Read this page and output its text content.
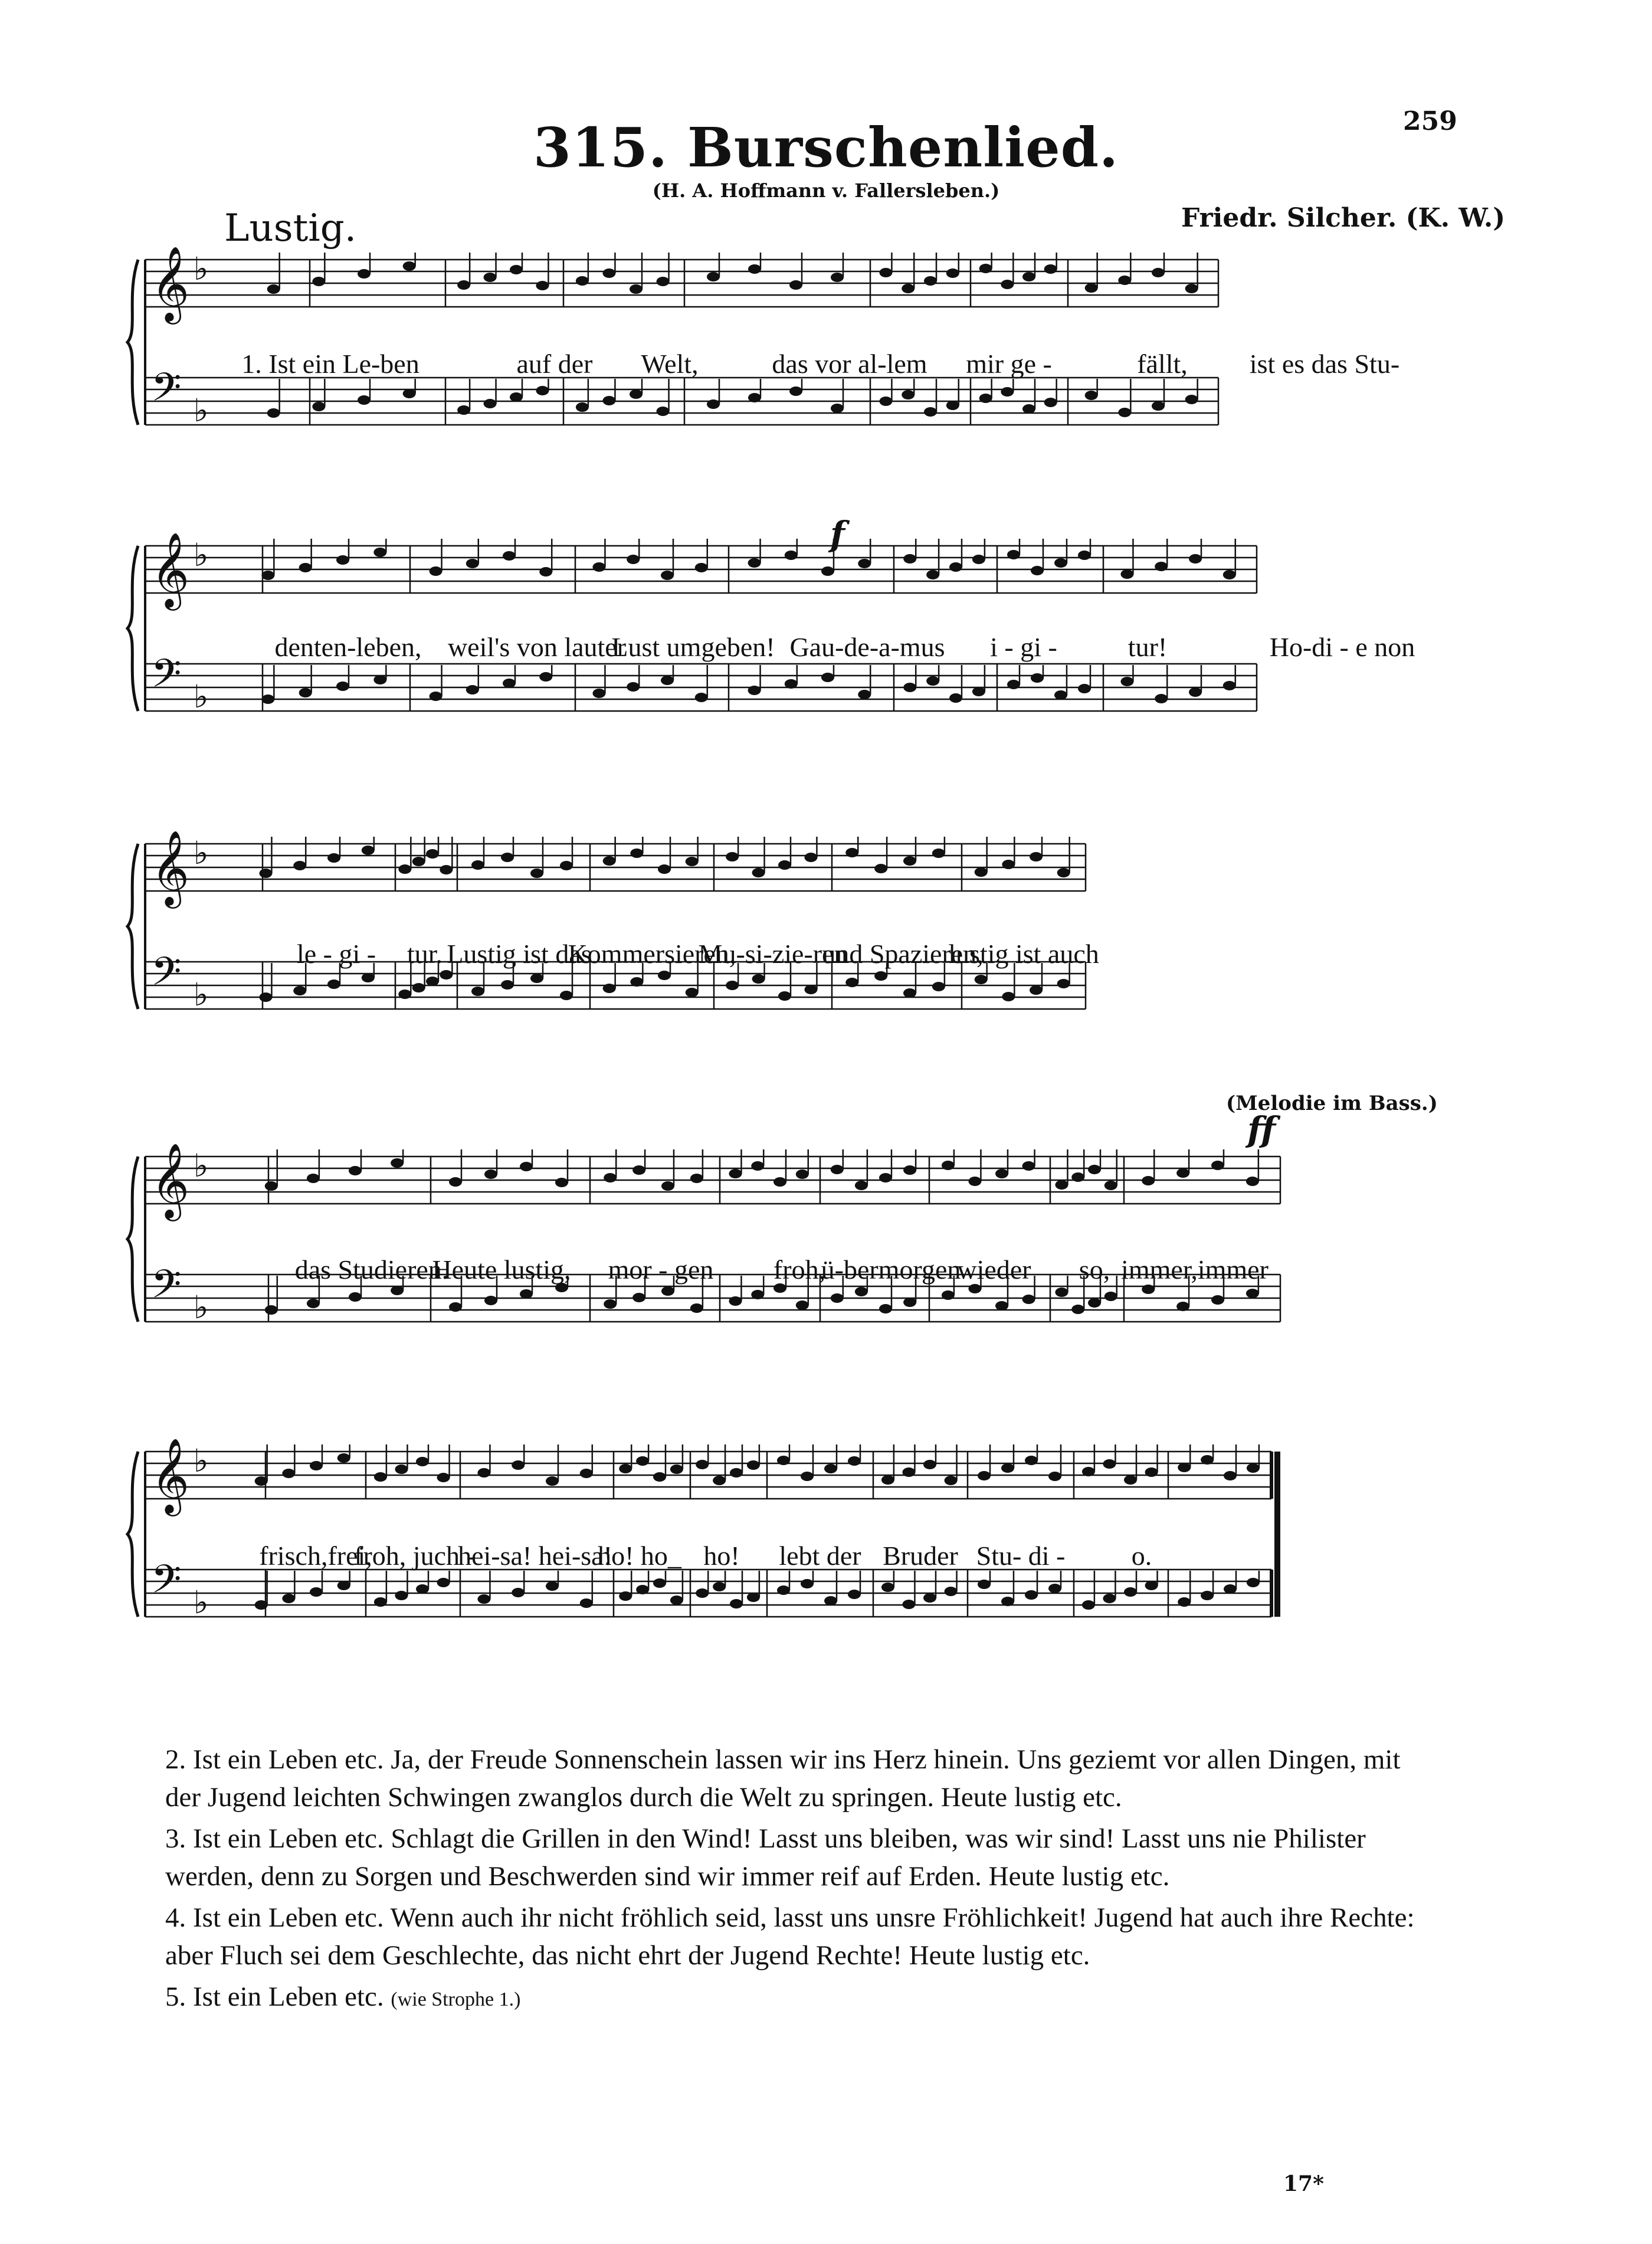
259
315. Burschenlied.
(H. A. Hoffmann v. Fallersleben.)
Lustig.	Friedr. Silcher. (K. W.)
𝄞 ♭
𝄢 ♭
1. Ist ein Le-ben	auf der Welt,	das vor al-lem mir ge -	fällt, ist es das Stu-
f
𝄞 ♭
𝄢 ♭
denten-leben, weil's von lauter
Lust umgeben! Gau-de-a-mus i - gi -	tur!	Ho-di - e non
(Melodie im Bass.)
𝄞 ♭
𝄢 ♭
le - gi - tur. Lustig ist das
Kommersieren,
Mu-si-zie-ren
und Spazieren,
lustig ist auch
ff
𝄞 ♭
𝄢 ♭
das Studieren.
Heute lustig, mor - gen froh,
ü-bermorgen
wieder so, immer,immer
𝄞 ♭
𝄢 ♭
frisch,frei,
froh, juch -
hei-sa! hei-sa!
ho! ho_ ho! lebt der Bruder Stu- di - o.

2. Ist ein Leben etc. Ja, der Freude Sonnenschein lassen wir ins Herz hinein. Uns geziemt vor allen Dingen, mit der Jugend leichten Schwingen zwanglos durch die Welt zu springen. Heute lustig etc.

3. Ist ein Leben etc. Schlagt die Grillen in den Wind! Lasst uns bleiben, was wir sind! Lasst uns nie Philister werden, denn zu Sorgen und Beschwerden sind wir immer reif auf Erden. Heute lustig etc.

4. Ist ein Leben etc. Wenn auch ihr nicht fröhlich seid, lasst uns unsre Fröhlichkeit! Jugend hat auch ihre Rechte: aber Fluch sei dem Geschlechte, das nicht ehrt der Jugend Rechte! Heute lustig etc.

5. Ist ein Leben etc. (wie Strophe 1.)

17*
